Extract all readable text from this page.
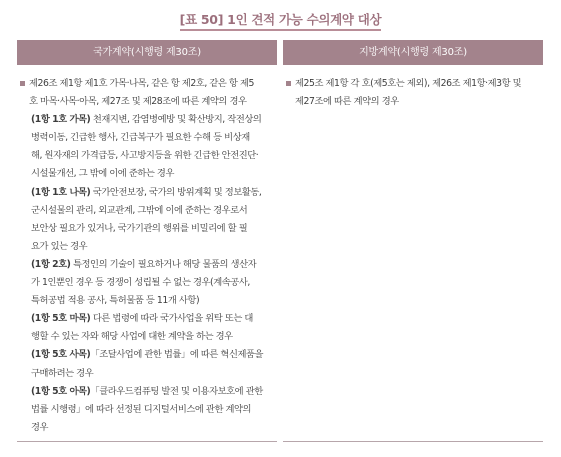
[표 50] 1인 견적 가능 수의계약 대상
국가계약(시행령 제30조)	지방계약(시행령 제30조)
제26조 제1항 제1호 가목·나목, 같은 항 제2호, 같은 항 제5
호 마목·사목·아목, 제27조 및 제28조에 따른 계약의 경우
(1항 1호 가목) 천재지변, 감염병예방 및 확산방지, 작전상의
병력이동, 긴급한 행사, 긴급복구가 필요한 수해 등 비상재
해, 원자재의 가격급등, 사고방지등을 위한 긴급한 안전진단·
시설물개선, 그 밖에 이에 준하는 경우
(1항 1호 나목) 국가안전보장, 국가의 방위계획 및 정보활동,
군시설물의 관리, 외교관계, 그밖에 이에 준하는 경우로서
보안상 필요가 있거나, 국가기관의 행위를 비밀리에 할 필
요가 있는 경우
(1항 2호) 특정인의 기술이 필요하거나 해당 물품의 생산자
가 1인뿐인 경우 등 경쟁이 성립될 수 없는 경우(계속공사,
특허공법 적용 공사, 특허물품 등 11개 사항)
(1항 5호 마목) 다른 법령에 따라 국가사업을 위탁 또는 대
행할 수 있는 자와 해당 사업에 대한 계약을 하는 경우
(1항 5호 사목)「조달사업에 관한 법률」에 따른 혁신제품을
구매하려는 경우
(1항 5호 아목)「클라우드컴퓨팅 발전 및 이용자보호에 관한
법률 시행령」에 따라 선정된 디지털서비스에 관한 계약의
경우
제25조 제1항 각 호(제5호는 제외), 제26조 제1항·제3항 및
제27조에 따른 계약의 경우
